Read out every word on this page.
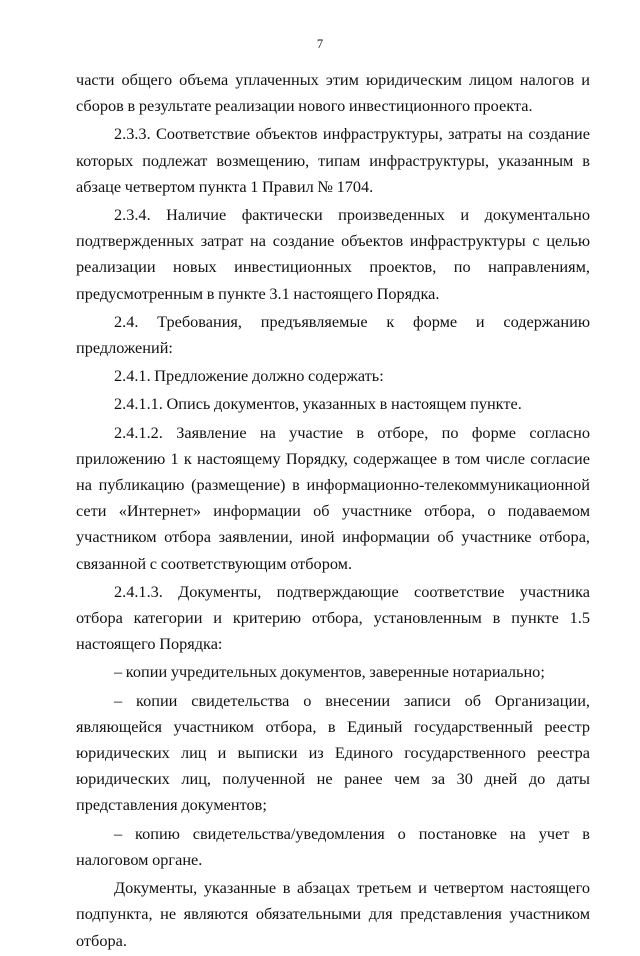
7

части общего объема уплаченных этим юридическим лицом налогов и сборов в результате реализации нового инвестиционного проекта.

2.3.3. Соответствие объектов инфраструктуры, затраты на создание которых подлежат возмещению, типам инфраструктуры, указанным в абзаце четвертом пункта 1 Правил № 1704.

2.3.4. Наличие фактически произведенных и документально подтвержденных затрат на создание объектов инфраструктуры с целью реализации новых инвестиционных проектов, по направлениям, предусмотренным в пункте 3.1 настоящего Порядка.

2.4. Требования, предъявляемые к форме и содержанию предложений:

2.4.1. Предложение должно содержать:

2.4.1.1. Опись документов, указанных в настоящем пункте.

2.4.1.2. Заявление на участие в отборе, по форме согласно приложению 1 к настоящему Порядку, содержащее в том числе согласие на публикацию (размещение) в информационно-телекоммуникационной сети «Интернет» информации об участнике отбора, о подаваемом участником отбора заявлении, иной информации об участнике отбора, связанной с соответствующим отбором.

2.4.1.3. Документы, подтверждающие соответствие участника отбора категории и критерию отбора, установленным в пункте 1.5 настоящего Порядка:

– копии учредительных документов, заверенные нотариально;

– копии свидетельства о внесении записи об Организации, являющейся участником отбора, в Единый государственный реестр юридических лиц и выписки из Единого государственного реестра юридических лиц, полученной не ранее чем за 30 дней до даты представления документов;

– копию свидетельства/уведомления о постановке на учет в налоговом органе.

Документы, указанные в абзацах третьем и четвертом настоящего подпункта, не являются обязательными для представления участником отбора.
